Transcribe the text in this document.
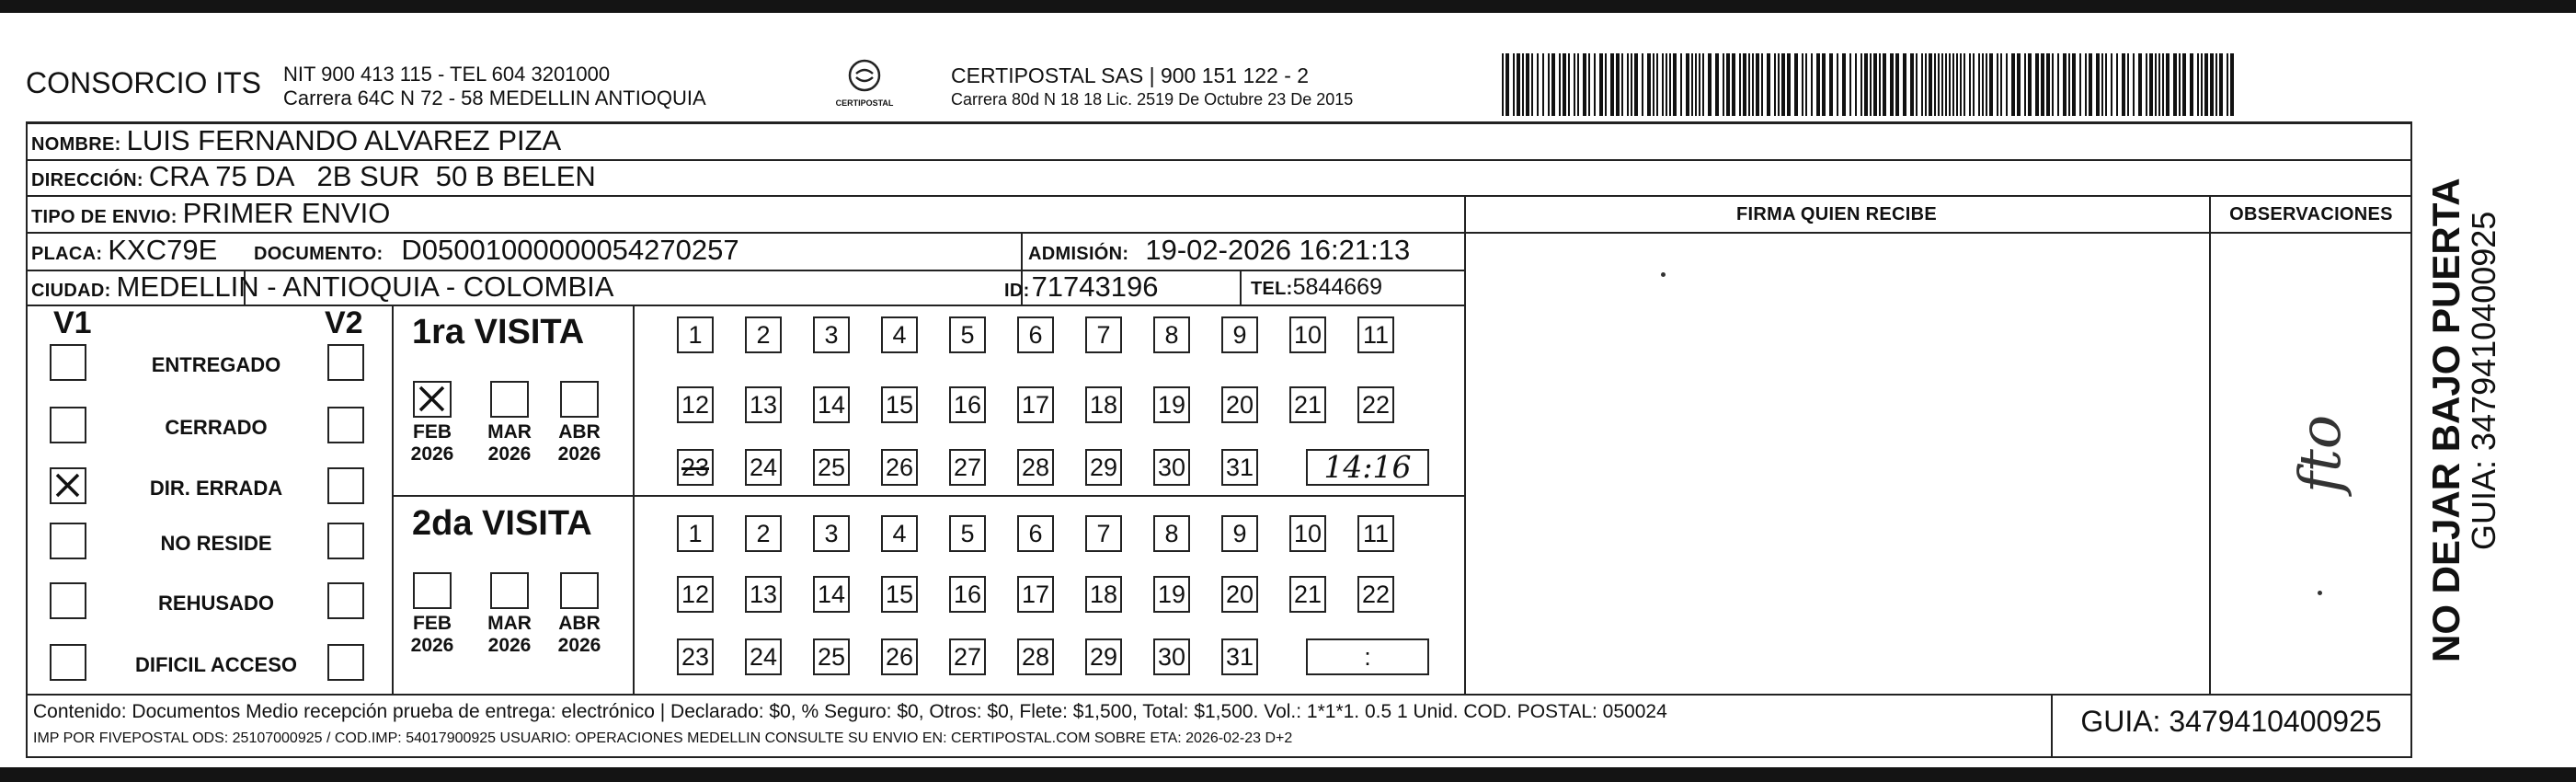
CONSORCIO ITS NIT 900 413 115 - TEL 604 3201000
Carrera 64C N 72 - 58 MEDELLIN ANTIOQUIA	CERTIPOSTAL
CERTIPOSTAL SAS | 900 151 122 - 2
Carrera 80d N 18 18 Lic. 2519 De Octubre 23 De 2015
NOMBRE: LUIS FERNANDO ALVAREZ PIZA
DIRECCIÓN: CRA 75 DA   2B SUR  50 B BELEN
TIPO DE ENVIO: PRIMER ENVIO
PLACA: KXC79E DOCUMENTO: D05001000000054270257	ADMISIÓN: 19-02-2026 16:21:13
CIUDAD: MEDELLIN - ANTIOQUIA - COLOMBIA	ID: 71743196	TEL: 5844669
FIRMA QUIEN RECIBE	OBSERVACIONES
fto
V1	V2
ENTREGADO
CERRADO
DIR. ERRADA
NO RESIDE
REHUSADO
DIFICIL ACCESO
1ra VISITA
FEB
2026
MAR
2026
ABR
2026
1	2	3	4	5	6	7	8	9	10 11
12 13 14 15 16 17 18 19 20 21 22
23 24 25 26 27 28 29 30 31	14:16
2da VISITA
FEB
2026
MAR
2026
ABR
2026
1	2	3	4	5	6	7	8	9	10 11
12 13 14 15 16 17 18 19 20 21 22
23 24 25 26 27 28 29 30 31	:
Contenido: Documentos Medio recepción prueba de entrega: electrónico | Declarado: $0, % Seguro: $0, Otros: $0, Flete: $1,500, Total: $1,500. Vol.: 1*1*1. 0.5 1 Unid. COD. POSTAL: 050024
IMP POR FIVEPOSTAL ODS: 25107000925 / COD.IMP: 54017900925 USUARIO: OPERACIONES MEDELLIN CONSULTE SU ENVIO EN: CERTIPOSTAL.COM SOBRE ETA: 2026-02-23 D+2
GUIA: 3479410400925
NO DEJAR BAJO PUERTA
GUIA: 3479410400925
